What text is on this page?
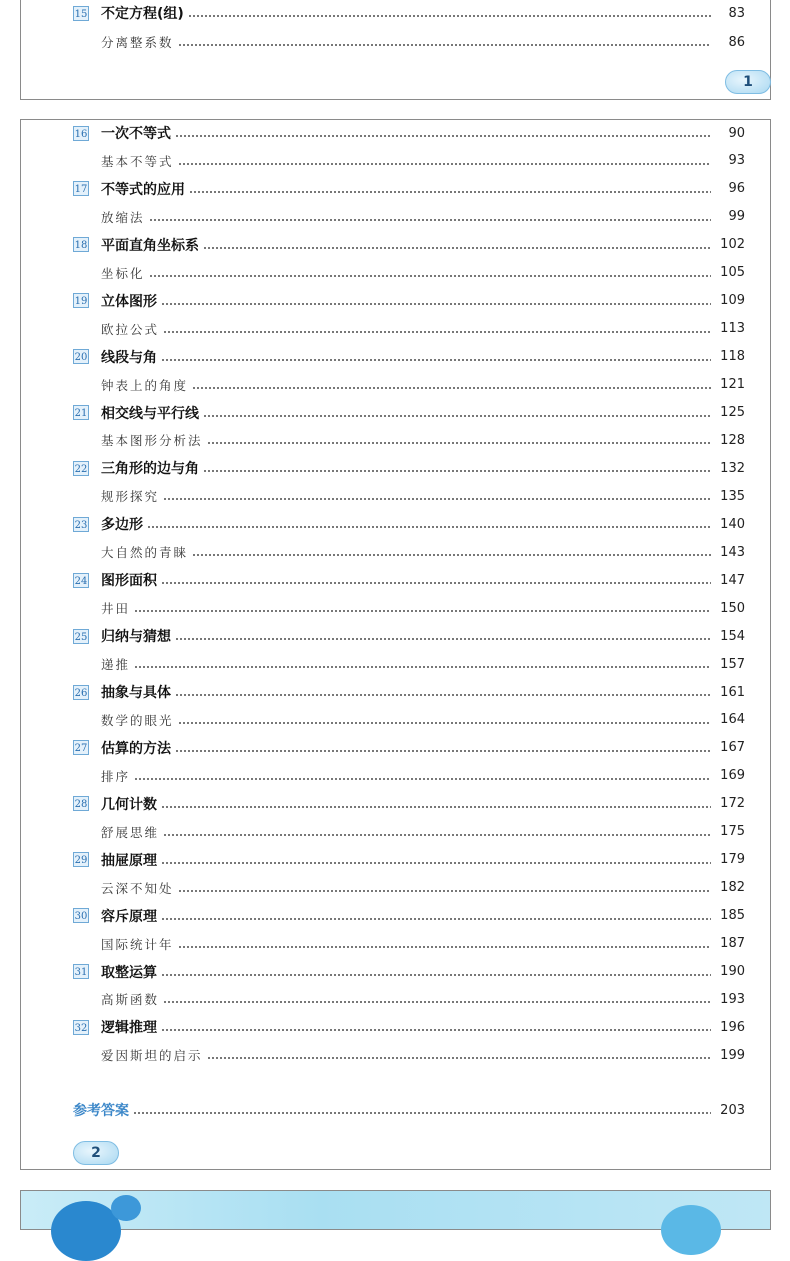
15 不定方程(组)	83
分离整系数	86
1
16 一次不等式	90
基本不等式	93
17 不等式的应用	96
放缩法	99
18 平面直角坐标系	102
坐标化	105
19 立体图形	109
欧拉公式	113
20 线段与角	118
钟表上的角度	121
21 相交线与平行线	125
基本图形分析法	128
22 三角形的边与角	132
规形探究	135
23 多边形	140
大自然的青睐	143
24 图形面积	147
井田	150
25 归纳与猜想	154
递推	157
26 抽象与具体	161
数学的眼光	164
27 估算的方法	167
排序	169
28 几何计数	172
舒展思维	175
29 抽屉原理	179
云深不知处	182
30 容斥原理	185
国际统计年	187
31 取整运算	190
高斯函数	193
32 逻辑推理	196
爱因斯坦的启示	199
参考答案	203
2
